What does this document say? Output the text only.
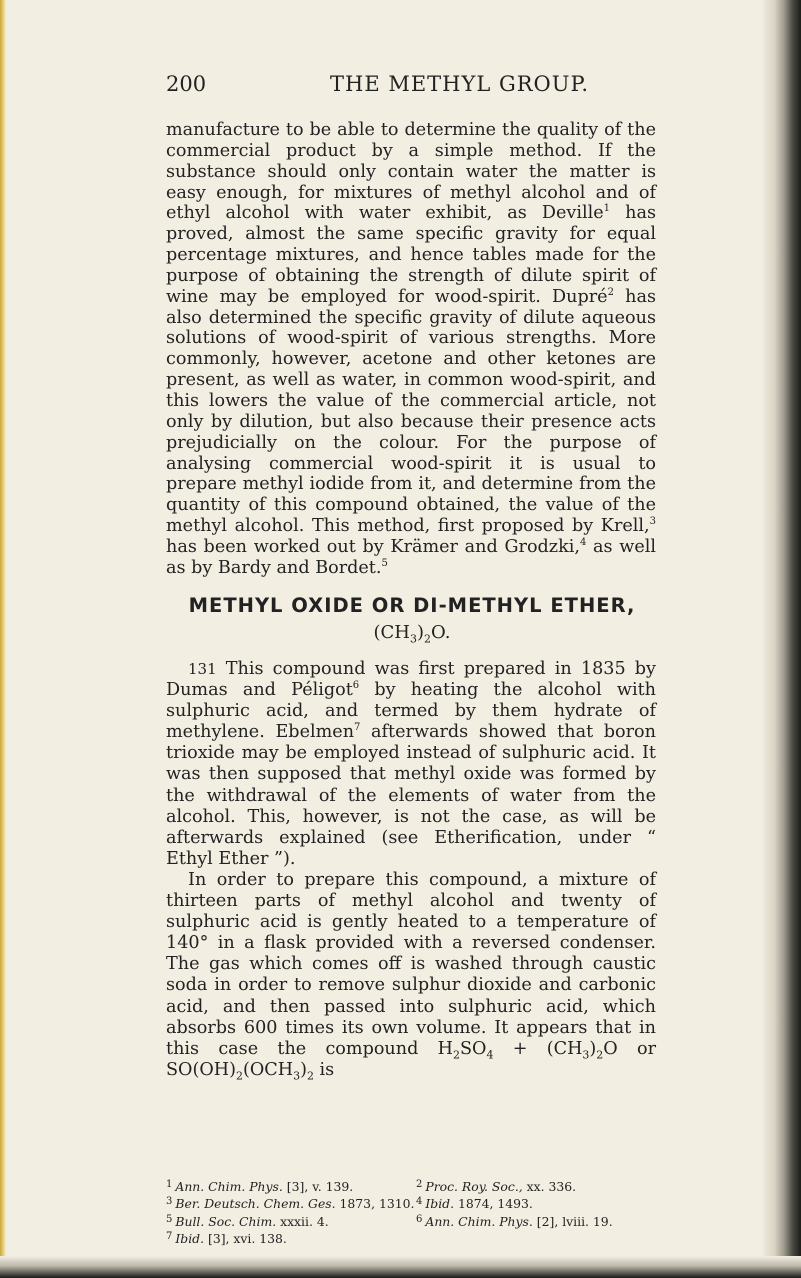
200	THE METHYL GROUP.

manufacture to be able to determine the quality of the commercial product by a simple method. If the substance should only contain water the matter is easy enough, for mixtures of methyl alcohol and of ethyl alcohol with water exhibit, as Deville$^1$ has proved, almost the same specific gravity for equal percentage mixtures, and hence tables made for the purpose of obtaining the strength of dilute spirit of wine may be employed for wood-spirit. Dupré$^2$ has also determined the specific gravity of dilute aqueous solutions of wood-spirit of various strengths. More commonly, however, acetone and other ketones are present, as well as water, in common wood-spirit, and this lowers the value of the commercial article, not only by dilution, but also because their presence acts prejudicially on the colour. For the purpose of analysing commercial wood-spirit it is usual to prepare methyl iodide from it, and determine from the quantity of this compound obtained, the value of the methyl alcohol. This method, first proposed by Krell,$^3$ has been worked out by Krämer and Grodzki,$^4$ as well as by Bardy and Bordet.$^5$

METHYL OXIDE OR DI-METHYL ETHER,
$(CH_3)_2O$.

131 This compound was first prepared in 1835 by Dumas and Péligot$^6$ by heating the alcohol with sulphuric acid, and termed by them hydrate of methylene. Ebelmen$^7$ afterwards showed that boron trioxide may be employed instead of sulphuric acid. It was then supposed that methyl oxide was formed by the withdrawal of the elements of water from the alcohol. This, however, is not the case, as will be afterwards explained (see Etherification, under “ Ethyl Ether ”).

In order to prepare this compound, a mixture of thirteen parts of methyl alcohol and twenty of sulphuric acid is gently heated to a temperature of 140° in a flask provided with a reversed condenser. The gas which comes off is washed through caustic soda in order to remove sulphur dioxide and carbonic acid, and then passed into sulphuric acid, which absorbs 600 times its own volume. It appears that in this case the compound $H_2SO_4 + (CH_3)_2O$ or $SO(OH)_2(OCH_3)_2$ is

$^1$ Ann. Chim. Phys. [3], v. 139.	$^2$ Proc. Roy. Soc., xx. 336.
$^3$ Ber. Deutsch. Chem. Ges. 1873, 1310. $^4$ Ibid. 1874, 1493.
$^5$ Bull. Soc. Chim. xxxii. 4.	$^6$ Ann. Chim. Phys. [2], lviii. 19.
$^7$ Ibid. [3], xvi. 138.
